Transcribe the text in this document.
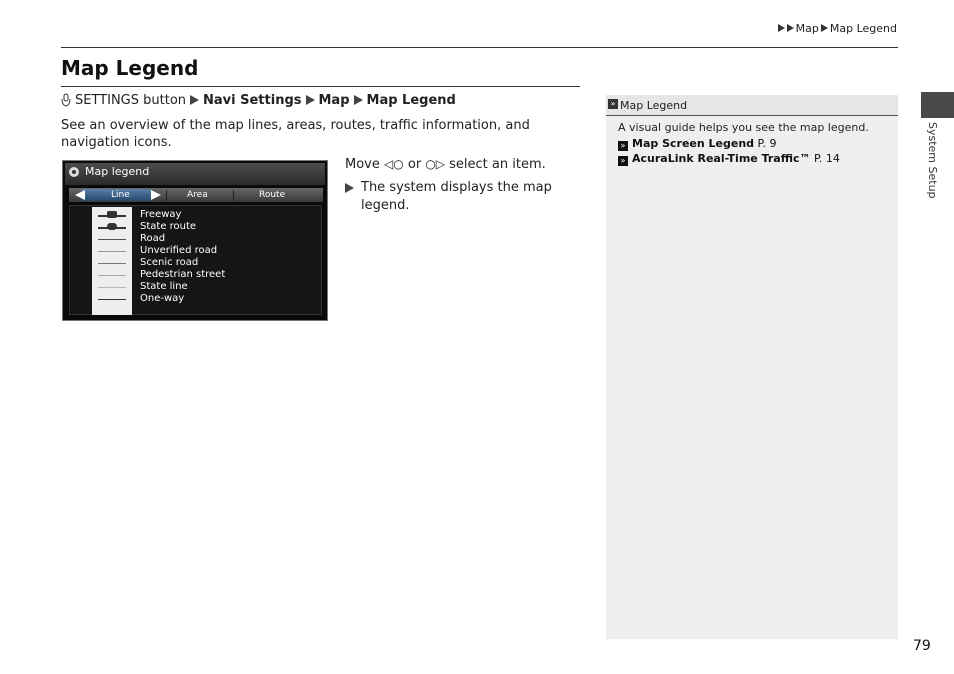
Map Map Legend
System Setup
Map Legend
SETTINGS button Navi Settings Map Map Legend
See an overview of the map lines, areas, routes, traffic information, and navigation icons.
Map legend
Line	Area	Route
Freeway
State route
Road
Unverified road
Scenic road
Pedestrian street
State line
One-way
Move ◁○ or ○▷ select an item.
The system displays the map legend.
» Map Legend
A visual guide helps you see the map legend.
» Map Screen Legend P. 9
» AcuraLink Real-Time Traffic™ P. 14
79
